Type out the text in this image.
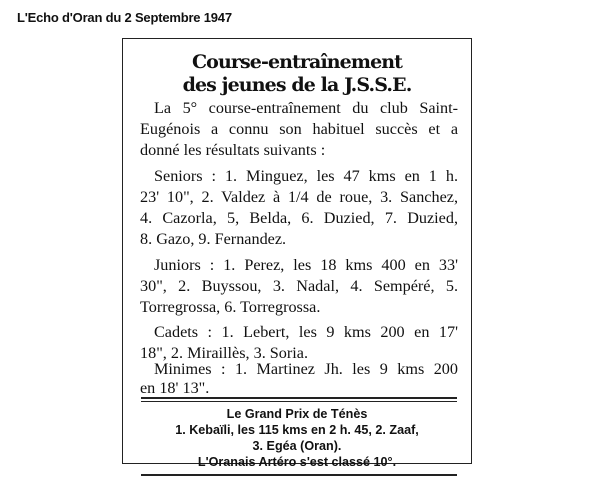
L'Echo d'Oran du 2 Septembre 1947
Course-entraînement
des jeunes de la J.S.S.E.
La 5° course-entraînement du club Saint-
Eugénois a connu son habituel succès et a
donné les résultats suivants :
Seniors : 1. Minguez, les 47 kms en 1 h.
23' 10", 2. Valdez à 1/4 de roue, 3. Sanchez,
4. Cazorla, 5, Belda, 6. Duzied, 7. Duzied,
8. Gazo, 9. Fernandez.
Juniors : 1. Perez, les 18 kms 400 en 33'
30", 2. Buyssou, 3. Nadal, 4. Sempéré, 5.
Torregrossa, 6. Torregrossa.
Cadets : 1. Lebert, les 9 kms 200 en 17'
18", 2. Miraillès, 3. Soria.
Minimes : 1. Martinez Jh. les 9 kms 200
en 18' 13".
Le Grand Prix de Ténès
1. Kebaïli, les 115 kms en 2 h. 45, 2. Zaaf,
3. Egéa (Oran).
L'Oranais Artéro s'est classé 10°.
